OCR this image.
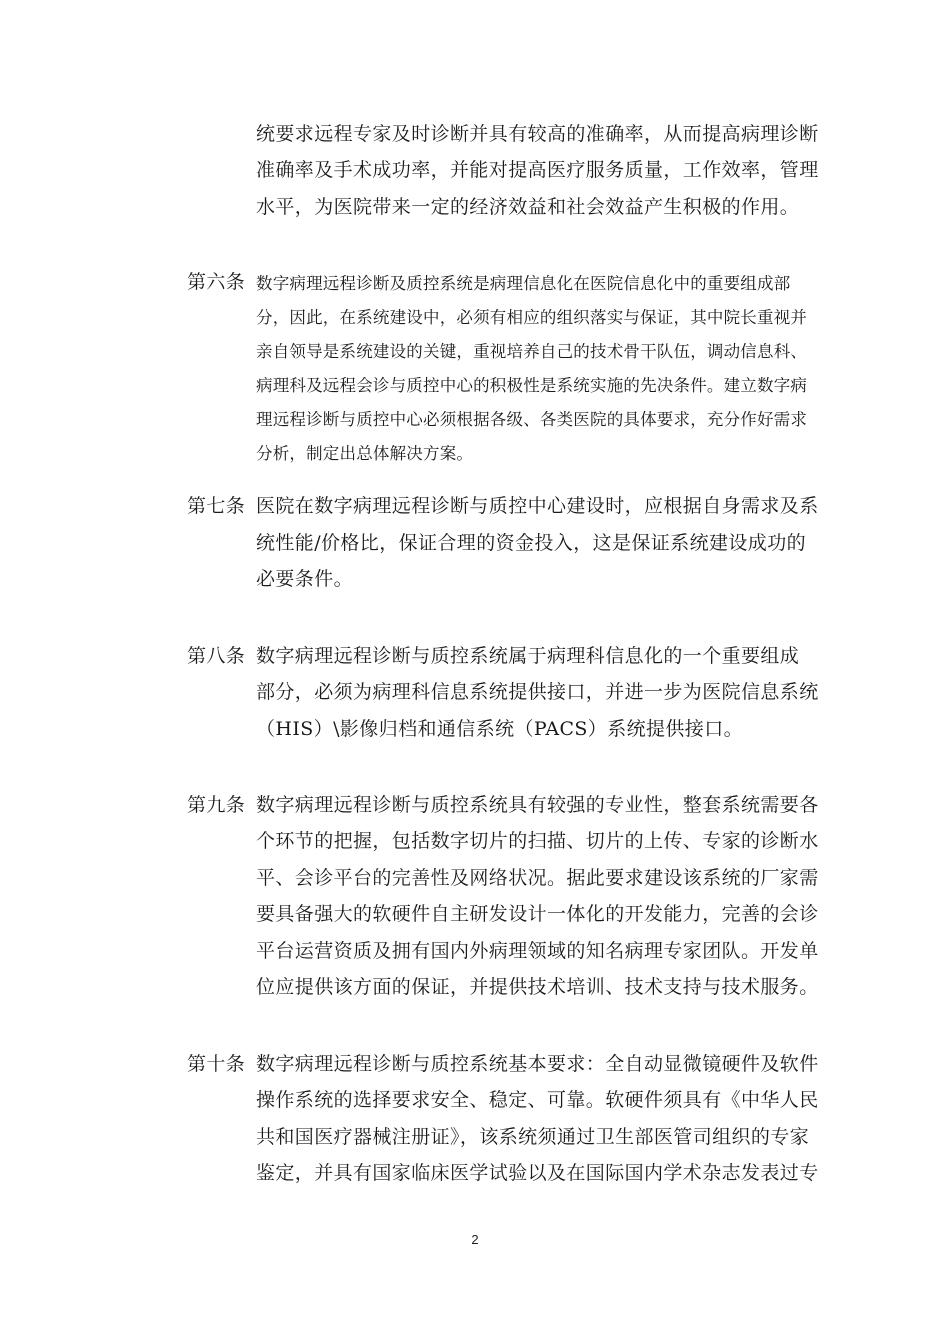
统要求远程专家及时诊断并具有较高的准确率，从而提高病理诊断
准确率及手术成功率，并能对提高医疗服务质量，工作效率，管理
水平，为医院带来一定的经济效益和社会效益产生积极的作用。
第六条 数字病理远程诊断及质控系统是病理信息化在医院信息化中的重要组成部
分，因此，在系统建设中，必须有相应的组织落实与保证，其中院长重视并
亲自领导是系统建设的关键，重视培养自己的技术骨干队伍，调动信息科、
病理科及远程会诊与质控中心的积极性是系统实施的先决条件。建立数字病
理远程诊断与质控中心必须根据各级、各类医院的具体要求，充分作好需求
分析，制定出总体解决方案。
第七条 医院在数字病理远程诊断与质控中心建设时，应根据自身需求及系
统性能/价格比，保证合理的资金投入，这是保证系统建设成功的
必要条件。
第八条 数字病理远程诊断与质控系统属于病理科信息化的一个重要组成
部分，必须为病理科信息系统提供接口，并进一步为医院信息系统
（HIS）\影像归档和通信系统（PACS）系统提供接口。
第九条 数字病理远程诊断与质控系统具有较强的专业性，整套系统需要各
个环节的把握，包括数字切片的扫描、切片的上传、专家的诊断水
平、会诊平台的完善性及网络状况。据此要求建设该系统的厂家需
要具备强大的软硬件自主研发设计一体化的开发能力，完善的会诊
平台运营资质及拥有国内外病理领域的知名病理专家团队。开发单
位应提供该方面的保证，并提供技术培训、技术支持与技术服务。
第十条 数字病理远程诊断与质控系统基本要求：全自动显微镜硬件及软件
操作系统的选择要求安全、稳定、可靠。软硬件须具有《中华人民
共和国医疗器械注册证》，该系统须通过卫生部医管司组织的专家
鉴定，并具有国家临床医学试验以及在国际国内学术杂志发表过专
2
